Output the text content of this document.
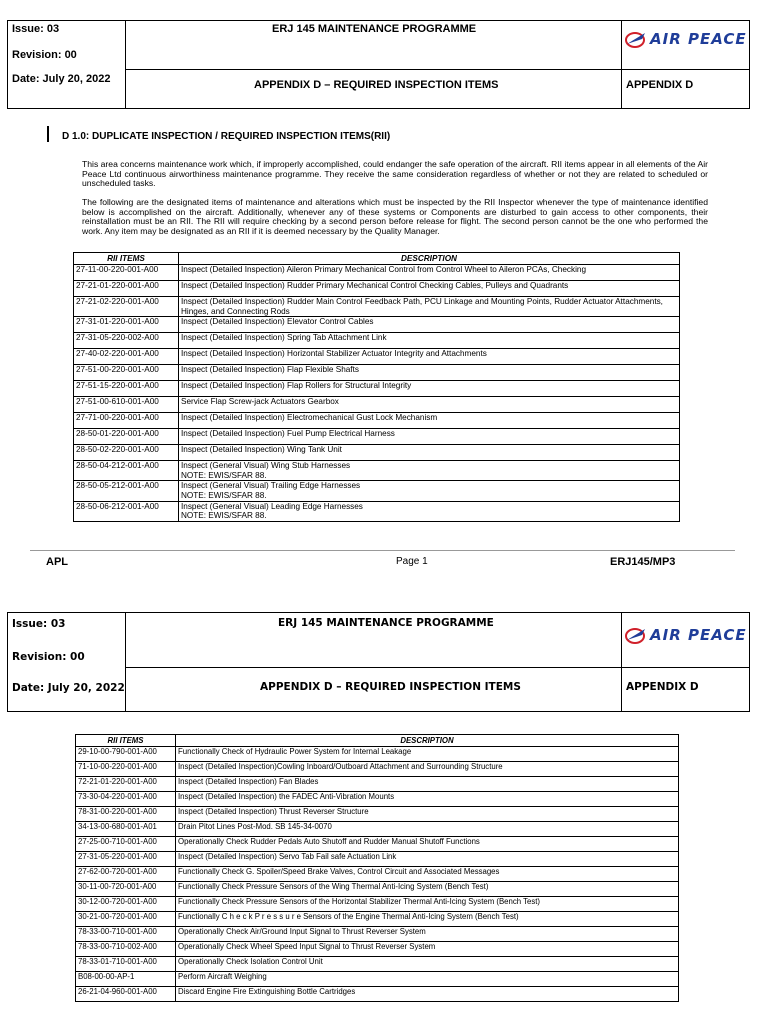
Issue: 03
Revision: 00
Date: July 20, 2022
ERJ 145 MAINTENANCE PROGRAMME
APPENDIX D – REQUIRED INSPECTION ITEMS	APPENDIX D
AIR PEACE
D 1.0: DUPLICATE INSPECTION / REQUIRED INSPECTION ITEMS(RII)

This area concerns maintenance work which, if improperly accomplished, could endanger the safe operation of the aircraft. RII items appear in all elements of the Air Peace Ltd continuous airworthiness maintenance programme. They receive the same consideration regardless of whether or not they are related to scheduled or unscheduled tasks.

The following are the designated items of maintenance and alterations which must be inspected by the RII Inspector whenever the type of maintenance identified below is accomplished on the aircraft. Additionally, whenever any of these systems or Components are disturbed to gain access to other components, their reinstallation must be an RII. The RII will require checking by a second person before release for flight. The second person cannot be the one who performed the work. Any item may be designated as an RII if it is deemed necessary by the Quality Manager.

RII ITEMS	DESCRIPTION
27-11-00-220-001-A00	Inspect (Detailed Inspection) Aileron Primary Mechanical Control from Control Wheel to Aileron PCAs, Checking
27-21-01-220-001-A00	Inspect (Detailed Inspection) Rudder Primary Mechanical Control Checking Cables, Pulleys and Quadrants
27-21-02-220-001-A00	Inspect (Detailed Inspection) Rudder Main Control Feedback Path, PCU Linkage and Mounting Points, Rudder Actuator Attachments, Hinges, and Connecting Rods
27-31-01-220-001-A00	Inspect (Detailed Inspection) Elevator Control Cables
27-31-05-220-002-A00	Inspect (Detailed Inspection) Spring Tab Attachment Link
27-40-02-220-001-A00	Inspect (Detailed Inspection) Horizontal Stabilizer Actuator Integrity and Attachments
27-51-00-220-001-A00	Inspect (Detailed Inspection) Flap Flexible Shafts
27-51-15-220-001-A00	Inspect (Detailed Inspection) Flap Rollers for Structural Integrity
27-51-00-610-001-A00	Service Flap Screw-jack Actuators Gearbox
27-71-00-220-001-A00	Inspect (Detailed Inspection) Electromechanical Gust Lock Mechanism
28-50-01-220-001-A00	Inspect (Detailed Inspection) Fuel Pump Electrical Harness
28-50-02-220-001-A00	Inspect (Detailed Inspection) Wing Tank Unit
28-50-04-212-001-A00	Inspect (General Visual) Wing Stub Harnesses
NOTE: EWIS/SFAR 88.

28-50-05-212-001-A00	Inspect (General Visual) Trailing Edge Harnesses
NOTE: EWIS/SFAR 88.

28-50-06-212-001-A00	Inspect (General Visual) Leading Edge Harnesses
NOTE: EWIS/SFAR 88.
APL	Page 1	ERJ145/MP3
Issue: 03
Revision: 00
Date: July 20, 2022
ERJ 145 MAINTENANCE PROGRAMME
APPENDIX D – REQUIRED INSPECTION ITEMS	APPENDIX D
AIR PEACE
RII ITEMS	DESCRIPTION
29-10-00-790-001-A00	Functionally Check of Hydraulic Power System for Internal Leakage
71-10-00-220-001-A00	Inspect (Detailed Inspection)Cowling Inboard/Outboard Attachment and Surrounding Structure
72-21-01-220-001-A00	Inspect (Detailed Inspection) Fan Blades
73-30-04-220-001-A00	Inspect (Detailed Inspection) the FADEC Anti-Vibration Mounts
78-31-00-220-001-A00	Inspect (Detailed Inspection) Thrust Reverser Structure
34-13-00-680-001-A01	Drain Pitot Lines Post-Mod. SB 145-34-0070
27-25-00-710-001-A00	Operationally Check Rudder Pedals Auto Shutoff and Rudder Manual Shutoff Functions
27-31-05-220-001-A00	Inspect (Detailed Inspection) Servo Tab Fail safe Actuation Link
27-62-00-720-001-A00	Functionally Check G. Spoiler/Speed Brake Valves, Control Circuit and Associated Messages
30-11-00-720-001-A00	Functionally Check Pressure Sensors of the Wing Thermal Anti-Icing System (Bench Test)
30-12-00-720-001-A00	Functionally Check Pressure Sensors of the Horizontal Stabilizer Thermal Anti-Icing System (Bench Test)
30-21-00-720-001-A00	Functionally C h e c k P r e s s u r e Sensors of the Engine Thermal Anti-Icing System (Bench Test)
78-33-00-710-001-A00	Operationally Check Air/Ground Input Signal to Thrust Reverser System
78-33-00-710-002-A00	Operationally Check Wheel Speed Input Signal to Thrust Reverser System
78-33-01-710-001-A00	Operationally Check Isolation Control Unit
B08-00-00-AP-1	Perform Aircraft Weighing
26-21-04-960-001-A00	Discard Engine Fire Extinguishing Bottle Cartridges
